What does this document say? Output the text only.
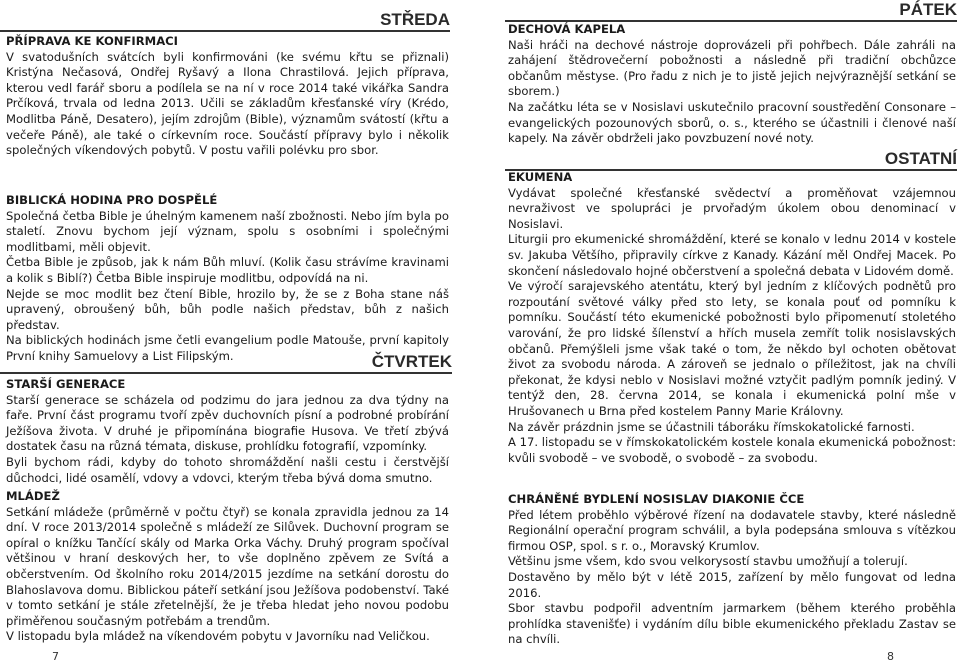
STŘEDA
PŘÍPRAVA KE KONFIRMACI

V svatodušních svátcích byli konfirmováni (ke svému křtu se přiznali) Kristýna Nečasová, Ondřej Ryšavý a Ilona Chrastilová. Jejich příprava, kterou vedl farář sboru a podílela se na ní v roce 2014 také vikářka Sandra Prčíková, trvala od ledna 2013. Učili se základům křesťanské víry (Krédo, Modlitba Páně, Desatero), jejím zdrojům (Bible), významům svátostí (křtu a večeře Páně), ale také o církevním roce. Součástí přípravy bylo i několik společných víkendových pobytů. V postu vařili polévku pro sbor.

BIBLICKÁ HODINA PRO DOSPĚLÉ

Společná četba Bible je úhelným kamenem naší zbožnosti. Nebo jím byla po staletí. Znovu bychom její význam, spolu s osobními i společnými modlitbami, měli objevit.

Četba Bible je způsob, jak k nám Bůh mluví. (Kolik času strávíme kravinami a kolik s Biblí?) Četba Bible inspiruje modlitbu, odpovídá na ni.

Nejde se moc modlit bez čtení Bible, hrozilo by, že se z Boha stane náš upravený, obroušený bůh, bůh podle našich představ, bůh z našich představ.

Na biblických hodinách jsme četli evangelium podle Matouše, první kapitoly První knihy Samuelovy a List Filipským.	ČTVRTEK
STARŠÍ GENERACE

Starší generace se scházela od podzimu do jara jednou za dva týdny na faře. První část programu tvoří zpěv duchovních písní a podrobné probírání Ježíšova života. V druhé je připomínána biografie Husova. Ve třetí zbývá dostatek času na různá témata, diskuse, prohlídku fotografií, vzpomínky.

Byli bychom rádi, kdyby do tohoto shromáždění našli cestu i čerstvější důchodci, lidé osamělí, vdovy a vdovci, kterým třeba bývá doma smutno.

MLÁDEŽ

Setkání mládeže (průměrně v počtu čtyř) se konala zpravidla jednou za 14 dní. V roce 2013/2014 společně s mládeží ze Silůvek. Duchovní program se opíral o knížku Tančící skály od Marka Orka Váchy. Druhý program spočíval většinou v hraní deskových her, to vše doplněno zpěvem ze Svítá a občerstvením. Od školního roku 2014/2015 jezdíme na setkání dorostu do Blahoslavova domu. Biblickou páteří setkání jsou Ježíšova podobenství. Také v tomto setkání je stále zřetelnější, že je třeba hledat jeho novou podobu přiměřenou současným potřebám a trendům.

V listopadu byla mládež na víkendovém pobytu v Javorníku nad Veličkou.

7
PÁTEK
DECHOVÁ KAPELA

Naši hráči na dechové nástroje doprovázeli při pohřbech. Dále zahráli na zahájení štědrovečerní pobožnosti a následně při tradiční obchůzce občanům městyse. (Pro řadu z nich je to jistě jejich nejvýraznější setkání se sborem.)

Na začátku léta se v Nosislavi uskutečnilo pracovní soustředění Consonare – evangelických pozounových sborů, o. s., kterého se účastnili i členové naší kapely. Na závěr obdrželi jako povzbuzení nové noty.

OSTATNÍ
EKUMENA

Vydávat společné křesťanské svědectví a proměňovat vzájemnou nevraživost ve spolupráci je prvořadým úkolem obou denominací v Nosislavi.

Liturgii pro ekumenické shromáždění, které se konalo v lednu 2014 v kostele sv. Jakuba Většího, připravily církve z Kanady. Kázání měl Ondřej Macek. Po skončení následovalo hojné občerstvení a společná debata v Lidovém domě.

Ve výročí sarajevského atentátu, který byl jedním z klíčových podnětů pro rozpoutání světové války před sto lety, se konala pouť od pomníku k pomníku. Součástí této ekumenické pobožnosti bylo připomenutí stoletého varování, že pro lidské šílenství a hřích musela zemřít tolik nosislavských občanů. Přemýšleli jsme však také o tom, že někdo byl ochoten obětovat život za svobodu národa. A zároveň se jednalo o příležitost, jak na chvíli překonat, že kdysi neblo v Nosislavi možné vztyčit padlým pomník jediný. V tentýž den, 28. června 2014, se konala i ekumenická polní mše v Hrušovanech u Brna před kostelem Panny Marie Královny.

Na závěr prázdnin jsme se účastnili táboráku římskokatolické farnosti.

A 17. listopadu se v římskokatolickém kostele konala ekumenická pobožnost: kvůli svobodě – ve svobodě, o svobodě – za svobodu.

CHRÁNĚNÉ BYDLENÍ NOSISLAV DIAKONIE ČCE

Před létem proběhlo výběrové řízení na dodavatele stavby, které následně Regionální operační program schválil, a byla podepsána smlouva s vítězkou firmou OSP, spol. s r. o., Moravský Krumlov.

Většinu jsme všem, kdo svou velkorysostí stavbu umožňují a tolerují.

Dostavěno by mělo být v létě 2015, zařízení by mělo fungovat od ledna 2016.

Sbor stavbu podpořil adventním jarmarkem (během kterého proběhla prohlídka stavenišťe) i vydáním dílu bible ekumenického překladu Zastav se na chvíli.

8
